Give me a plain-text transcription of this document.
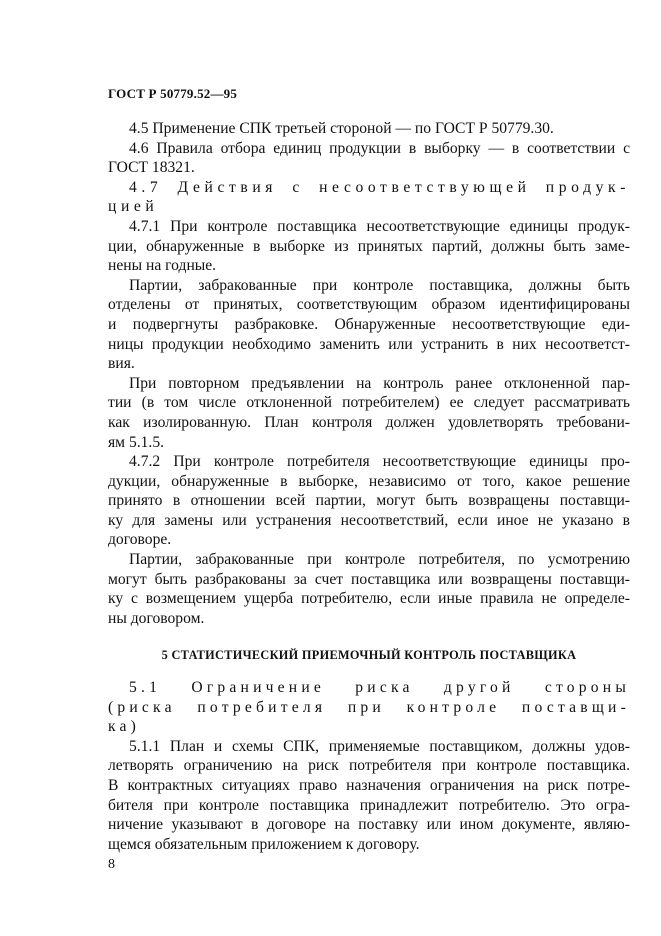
ГОСТ Р 50779.52—95
4.5 Применение СПК третьей стороной — по ГОСТ Р 50779.30.
4.6 Правила отбора единиц продукции в выборку — в соответствии с
ГОСТ 18321.
4.7 Действия с несоответствующей продук-
цией
4.7.1 При контроле поставщика несоответствующие единицы продук-
ции, обнаруженные в выборке из принятых партий, должны быть заме-
нены на годные.
Партии, забракованные при контроле поставщика, должны быть
отделены от принятых, соответствующим образом идентифицированы
и подвергнуты разбраковке. Обнаруженные несоответствующие еди-
ницы продукции необходимо заменить или устранить в них несоответст-
вия.
При повторном предъявлении на контроль ранее отклоненной пар-
тии (в том числе отклоненной потребителем) ее следует рассматривать
как изолированную. План контроля должен удовлетворять требовани-
ям 5.1.5.
4.7.2 При контроле потребителя несоответствующие единицы про-
дукции, обнаруженные в выборке, независимо от того, какое решение
принято в отношении всей партии, могут быть возвращены поставщи-
ку для замены или устранения несоответствий, если иное не указано в
договоре.
Партии, забракованные при контроле потребителя, по усмотрению
могут быть разбракованы за счет поставщика или возвращены поставщи-
ку с возмещением ущерба потребителю, если иные правила не определе-
ны договором.
5 СТАТИСТИЧЕСКИЙ ПРИЕМОЧНЫЙ КОНТРОЛЬ ПОСТАВЩИКА
5.1 Ограничение риска другой стороны
(риска потребителя при контроле поставщи-
ка)
5.1.1 План и схемы СПК, применяемые поставщиком, должны удов-
летворять ограничению на риск потребителя при контроле поставщика.
В контрактных ситуациях право назначения ограничения на риск потре-
бителя при контроле поставщика принадлежит потребителю. Это огра-
ничение указывают в договоре на поставку или ином документе, являю-
щемся обязательным приложением к договору.
8
